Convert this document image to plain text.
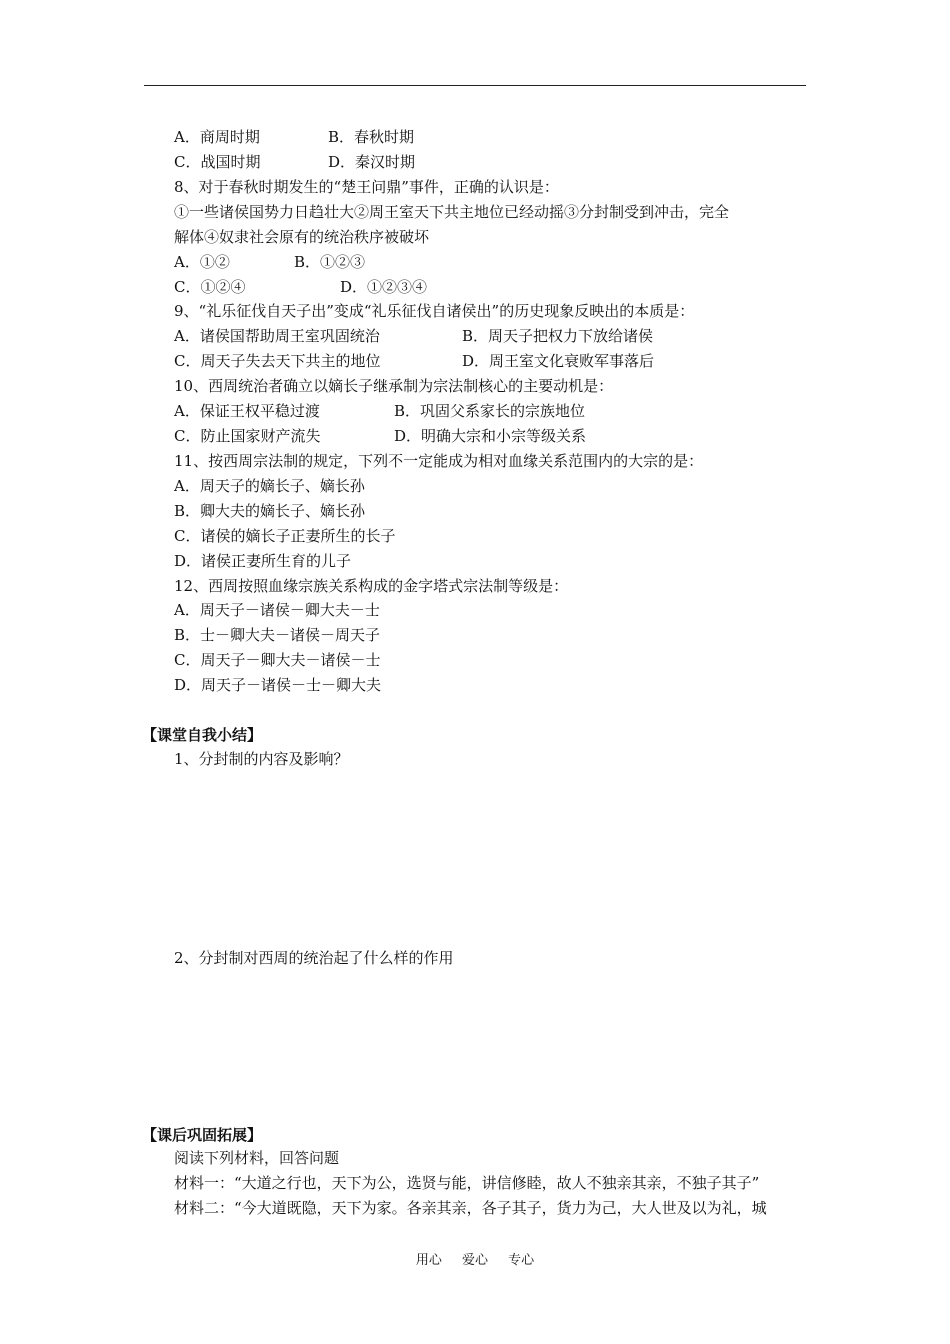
A．商周时期	B．春秋时期
C．战国时期	D．秦汉时期
8、对于春秋时期发生的“楚王问鼎”事件，正确的认识是：
①一些诸侯国势力日趋壮大②周王室天下共主地位已经动摇③分封制受到冲击，完全
解体④奴隶社会原有的统治秩序被破坏
A．①②	B．①②③
C．①②④	D．①②③④
9、“礼乐征伐自天子出”变成“礼乐征伐自诸侯出”的历史现象反映出的本质是：
A．诸侯国帮助周王室巩固统治	B．周天子把权力下放给诸侯
C．周天子失去天下共主的地位	D．周王室文化衰败军事落后
10、西周统治者确立以嫡长子继承制为宗法制核心的主要动机是：
A．保证王权平稳过渡	B．巩固父系家长的宗族地位
C．防止国家财产流失	D．明确大宗和小宗等级关系
11、按西周宗法制的规定，下列不一定能成为相对血缘关系范围内的大宗的是：
A．周天子的嫡长子、嫡长孙
B．卿大夫的嫡长子、嫡长孙
C．诸侯的嫡长子正妻所生的长子
D．诸侯正妻所生育的儿子
12、西周按照血缘宗族关系构成的金字塔式宗法制等级是：
A．周天子－诸侯－卿大夫－士
B．士－卿大夫－诸侯－周天子
C．周天子－卿大夫－诸侯－士
D．周天子－诸侯－士－卿大夫
【课堂自我小结】
1、分封制的内容及影响？
2、分封制对西周的统治起了什么样的作用
【课后巩固拓展】
阅读下列材料，回答问题
材料一：“大道之行也，天下为公，选贤与能，讲信修睦，故人不独亲其亲，不独子其子”
材料二：“今大道既隐，天下为家。各亲其亲，各子其子，货力为己，大人世及以为礼，城
用心 爱心 专心
